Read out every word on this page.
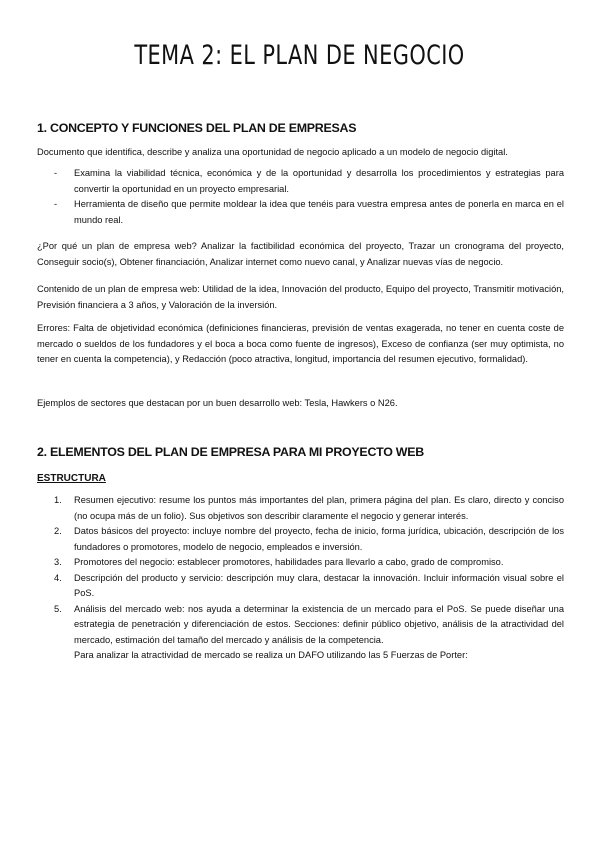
TEMA 2: EL PLAN DE NEGOCIO
1. CONCEPTO Y FUNCIONES DEL PLAN DE EMPRESAS
Documento que identifica, describe y analiza una oportunidad de negocio aplicado a un modelo de negocio digital.
- Examina la viabilidad técnica, económica y de la oportunidad y desarrolla los procedimientos y estrategias para convertir la oportunidad en un proyecto empresarial.
- Herramienta de diseño que permite moldear la idea que tenéis para vuestra empresa antes de ponerla en marca en el mundo real.
¿Por qué un plan de empresa web? Analizar la factibilidad económica del proyecto, Trazar un cronograma del proyecto, Conseguir socio(s), Obtener financiación, Analizar internet como nuevo canal, y Analizar nuevas vías de negocio.
Contenido de un plan de empresa web: Utilidad de la idea, Innovación del producto, Equipo del proyecto, Transmitir motivación, Previsión financiera a 3 años, y Valoración de la inversión.
Errores: Falta de objetividad económica (definiciones financieras, previsión de ventas exagerada, no tener en cuenta coste de mercado o sueldos de los fundadores y el boca a boca como fuente de ingresos), Exceso de confianza (ser muy optimista, no tener en cuenta la competencia), y Redacción (poco atractiva, longitud, importancia del resumen ejecutivo, formalidad).
Ejemplos de sectores que destacan por un buen desarrollo web: Tesla, Hawkers o N26.
2. ELEMENTOS DEL PLAN DE EMPRESA PARA MI PROYECTO WEB
ESTRUCTURA
1. Resumen ejecutivo: resume los puntos más importantes del plan, primera página del plan. Es claro, directo y conciso (no ocupa más de un folio). Sus objetivos son describir claramente el negocio y generar interés.
2. Datos básicos del proyecto: incluye nombre del proyecto, fecha de inicio, forma jurídica, ubicación, descripción de los fundadores o promotores, modelo de negocio, empleados e inversión.
3. Promotores del negocio: establecer promotores, habilidades para llevarlo a cabo, grado de compromiso.
4. Descripción del producto y servicio: descripción muy clara, destacar la innovación. Incluir información visual sobre el PoS.
5. Análisis del mercado web: nos ayuda a determinar la existencia de un mercado para el PoS. Se puede diseñar una estrategia de penetración y diferenciación de estos. Secciones: definir público objetivo, análisis de la atractividad del mercado, estimación del tamaño del mercado y análisis de la competencia.
Para analizar la atractividad de mercado se realiza un DAFO utilizando las 5 Fuerzas de Porter:
